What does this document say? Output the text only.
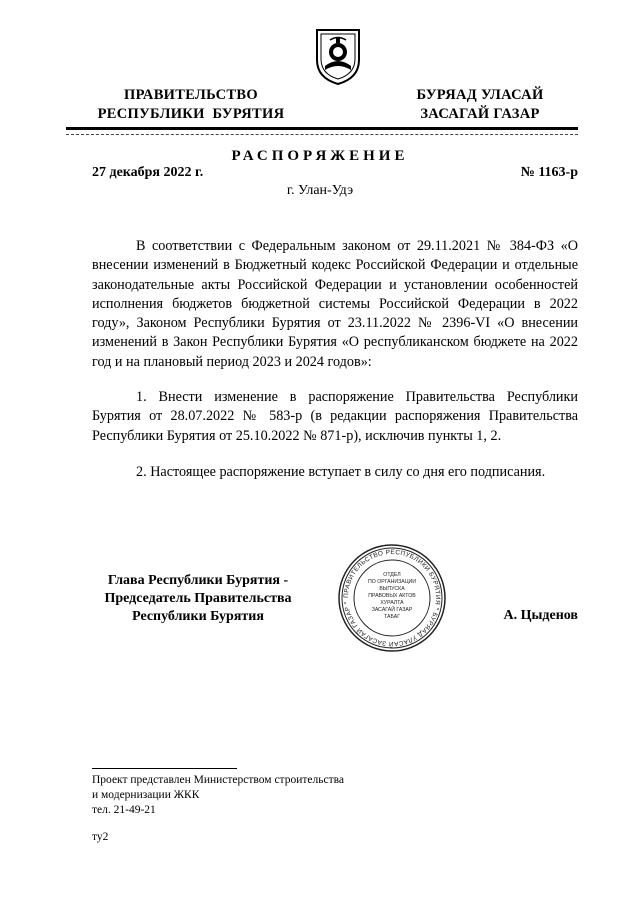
ПРАВИТЕЛЬСТВО
РЕСПУБЛИКИ  БУРЯТИЯ
БУРЯАД УЛАСАЙ
ЗАСАГАЙ ГАЗАР
РАСПОРЯЖЕНИЕ
27 декабря 2022 г.	№ 1163-р
г. Улан-Удэ

В соответствии с Федеральным законом от 29.11.2021 № 384-ФЗ «О внесении изменений в Бюджетный кодекс Российской Федерации и отдельные законодательные акты Российской Федерации и установлении особенностей исполнения бюджетов бюджетной системы Российской Федерации в 2022 году», Законом Республики Бурятия от 23.11.2022 № 2396-VI «О внесении изменений в Закон Республики Бурятия «О республиканском бюджете на 2022 год и на плановый период 2023 и 2024 годов»:

1. Внести изменение в распоряжение Правительства Республики Бурятия от 28.07.2022 № 583-р (в редакции распоряжения Правительства Республики Бурятия от 25.10.2022 № 871-р), исключив пункты 1, 2.

2. Настоящее распоряжение вступает в силу со дня его подписания.

Глава Республики Бурятия -
Председатель Правительства
Республики Бурятия
ПРАВИТЕЛЬСТВО РЕСПУБЛИКИ БУРЯТИЯ * БУРЯАД УЛАСАЙ ЗАСАГАЙ ГАЗАР *
ОТДЕЛ
ПО ОРГАНИЗАЦИИ
ВЫПУСКА
ПРАВОВЫХ АКТОВ
ХУРАЛТА
ЗАСАГАЙ ГАЗАР
ТАБАГ	А. Цыденов
Проект представлен Министерством строительства
и модернизации ЖКК
тел. 21-49-21
ту2
